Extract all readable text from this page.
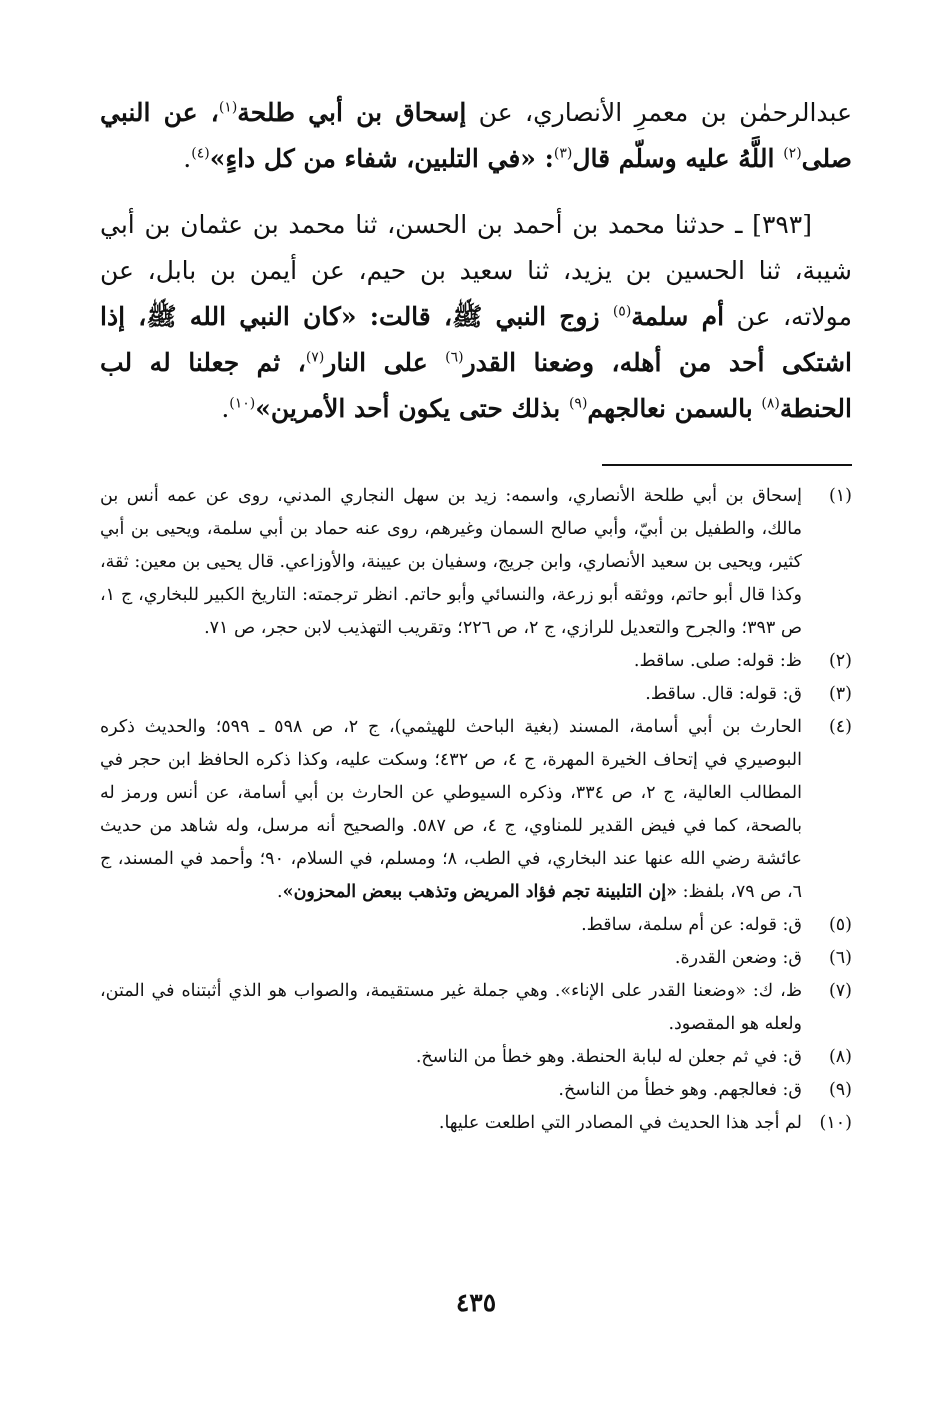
عبدالرحمٰن بن معمرِ الأنصاري، عن إسحاق بن أبي طلحة$^{(١)}$، عن النبي صلى$^{(٢)}$ اللَّهُ عليه وسلّم قال$^{(٣)}$: «في التلبين، شفاء من كل داءٍ»$^{(٤)}$.

[٣٩٣] ـ حدثنا محمد بن أحمد بن الحسن، ثنا محمد بن عثمان بن أبي شيبة، ثنا الحسين بن يزيد، ثنا سعيد بن حيم، عن أيمن بن بابل، عن مولاته، عن أم سلمة$^{(٥)}$ زوج النبي ﷺ، قالت: «كان النبي الله ﷺ، إذا اشتكى أحد من أهله، وضعنا القدر$^{(٦)}$ على النار$^{(٧)}$، ثم جعلنا له لب الحنطة$^{(٨)}$ بالسمن نعالجهم$^{(٩)}$ بذلك حتى يكون أحد الأمرين»$^{(١٠)}$.

(١)
إسحاق بن أبي طلحة الأنصاري، واسمه: زيد بن سهل النجاري المدني، روى عن عمه أنس بن مالك، والطفيل بن أبيّ، وأبي صالح السمان وغيرهم، روى عنه حماد بن أبي سلمة، ويحيى بن أبي كثير، ويحيى بن سعيد الأنصاري، وابن جريج، وسفيان بن عيينة، والأوزاعي. قال يحيى بن معين: ثقة، وكذا قال أبو حاتم، ووثقه أبو زرعة، والنسائي وأبو حاتم. انظر ترجمته: التاريخ الكبير للبخاري، ج ١، ص ٣٩٣؛ والجرح والتعديل للرازي، ج ٢، ص ٢٢٦؛ وتقريب التهذيب لابن حجر، ص ٧١.
(٢)
ظ: قوله: صلى. ساقط.
(٣)
ق: قوله: قال. ساقط.
(٤)
الحارث بن أبي أسامة، المسند (بغية الباحث للهيثمي)، ج ٢، ص ٥٩٨ ـ ٥٩٩؛ والحديث ذكره البوصيري في إتحاف الخيرة المهرة، ج ٤، ص ٤٣٢؛ وسكت عليه، وكذا ذكره الحافظ ابن حجر في المطالب العالية، ج ٢، ص ٣٣٤، وذكره السيوطي عن الحارث بن أبي أسامة، عن أنس ورمز له بالصحة، كما في فيض القدير للمناوي، ج ٤، ص ٥٨٧. والصحيح أنه مرسل، وله شاهد من حديث عائشة رضي الله عنها عند البخاري، في الطب، ٨؛ ومسلم، في السلام، ٩٠؛ وأحمد في المسند، ج ٦، ص ٧٩، بلفظ: «إن التلبينة تجم فؤاد المريض وتذهب ببعض المحزون».
(٥)
ق: قوله: عن أم سلمة، ساقط.
(٦)
ق: وضعن القدرة.
(٧)
ظ، ك: «وضعنا القدر على الإناء». وهي جملة غير مستقيمة، والصواب هو الذي أثبتناه في المتن، ولعله هو المقصود.
(٨)
ق: في ثم جعلن له لبابة الحنطة. وهو خطأ من الناسخ.
(٩)
ق: فعالجهم. وهو خطأ من الناسخ.
(١٠)
لم أجد هذا الحديث في المصادر التي اطلعت عليها.
٤٣٥
